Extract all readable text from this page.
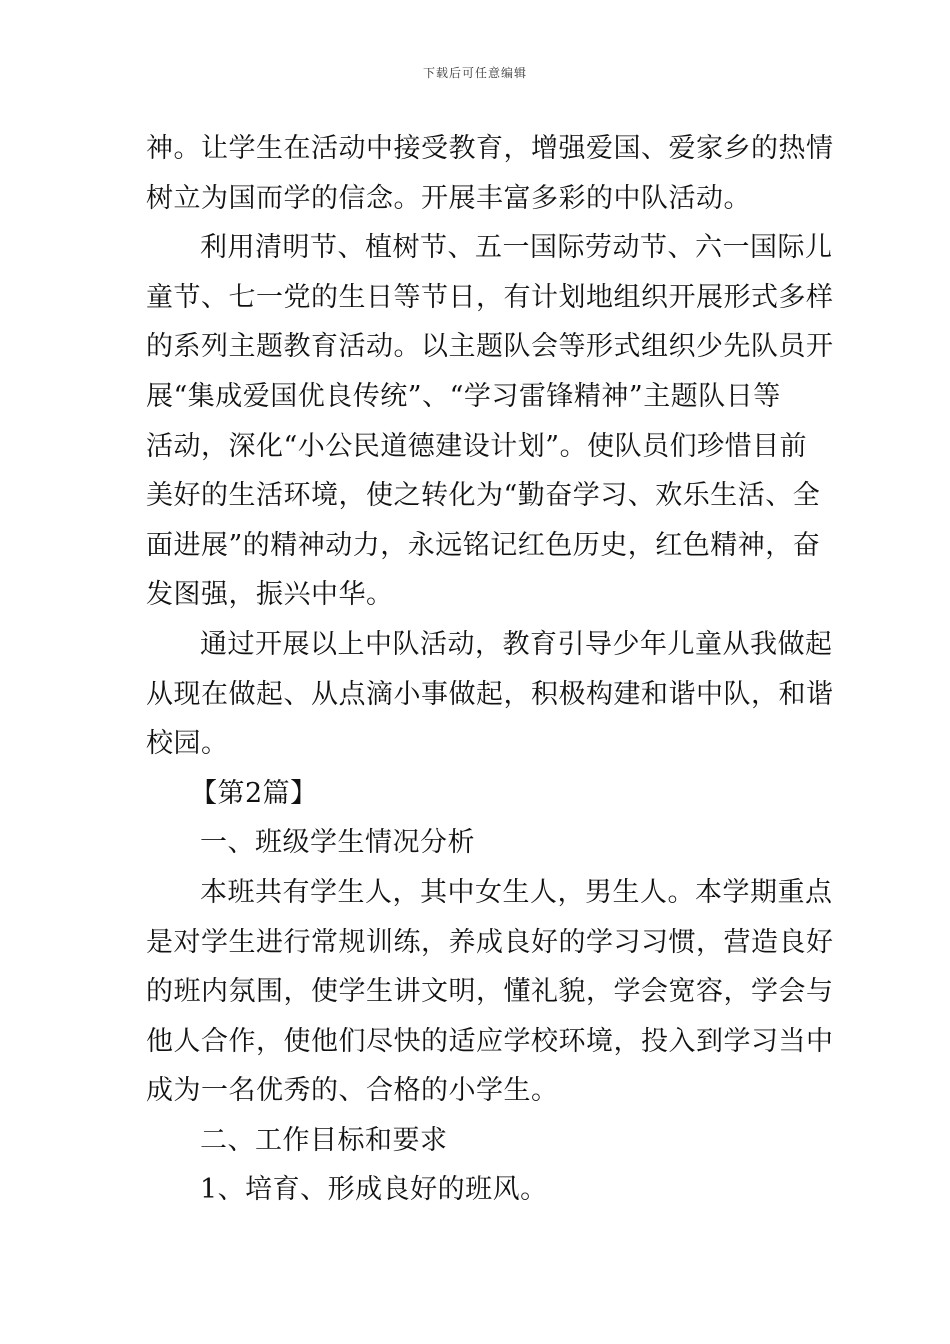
下载后可任意编辑
神。让学生在活动中接受教育，增强爱国、爱家乡的热情
树立为国而学的信念。开展丰富多彩的中队活动。
利用清明节、植树节、五一国际劳动节、六一国际儿
童节、七一党的生日等节日，有计划地组织开展形式多样
的系列主题教育活动。以主题队会等形式组织少先队员开
展“集成爱国优良传统”、“学习雷锋精神”主题队日等
活动，深化“小公民道德建设计划”。使队员们珍惜目前
美好的生活环境，使之转化为“勤奋学习、欢乐生活、全
面进展”的精神动力，永远铭记红色历史，红色精神，奋
发图强，振兴中华。
通过开展以上中队活动，教育引导少年儿童从我做起
从现在做起、从点滴小事做起，积极构建和谐中队，和谐
校园。
【第2篇】
一、班级学生情况分析
本班共有学生人，其中女生人，男生人。本学期重点
是对学生进行常规训练，养成良好的学习习惯，营造良好
的班内氛围，使学生讲文明，懂礼貌，学会宽容，学会与
他人合作，使他们尽快的适应学校环境，投入到学习当中
成为一名优秀的、合格的小学生。
二、工作目标和要求
1、培育、形成良好的班风。
